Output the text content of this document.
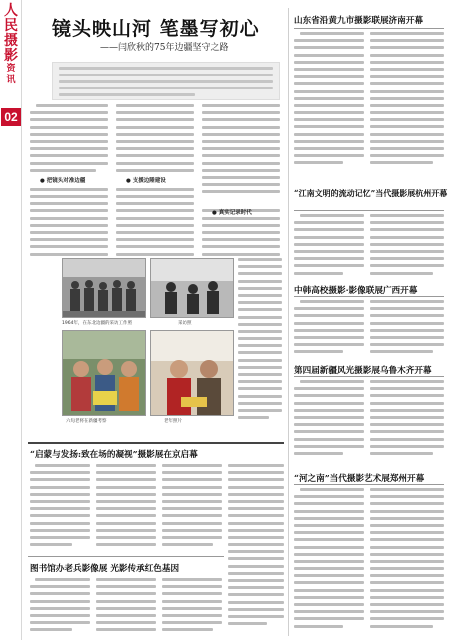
人民摄影
资讯
02
镜头映山河 笔墨写初心
——闫欣秋的75年边疆坚守之路
● 把镜头对准边疆	● 支援边陲建设
● 真实记录时代
1964年，在东北边疆的采访工作照	采访照
六旬老将在新疆考察	老年照片
山东省沿黄九市摄影联展济南开幕
“江南文明的流动记忆”当代摄影展杭州开幕
中韩高校摄影·影像联展广西开幕
第四届新疆风光摄影展乌鲁木齐开幕
“河之南”当代摄影艺术展郑州开幕
“启蒙与发扬:致在场的凝视”摄影展在京启幕
图书馆办老兵影像展 光影传承红色基因
